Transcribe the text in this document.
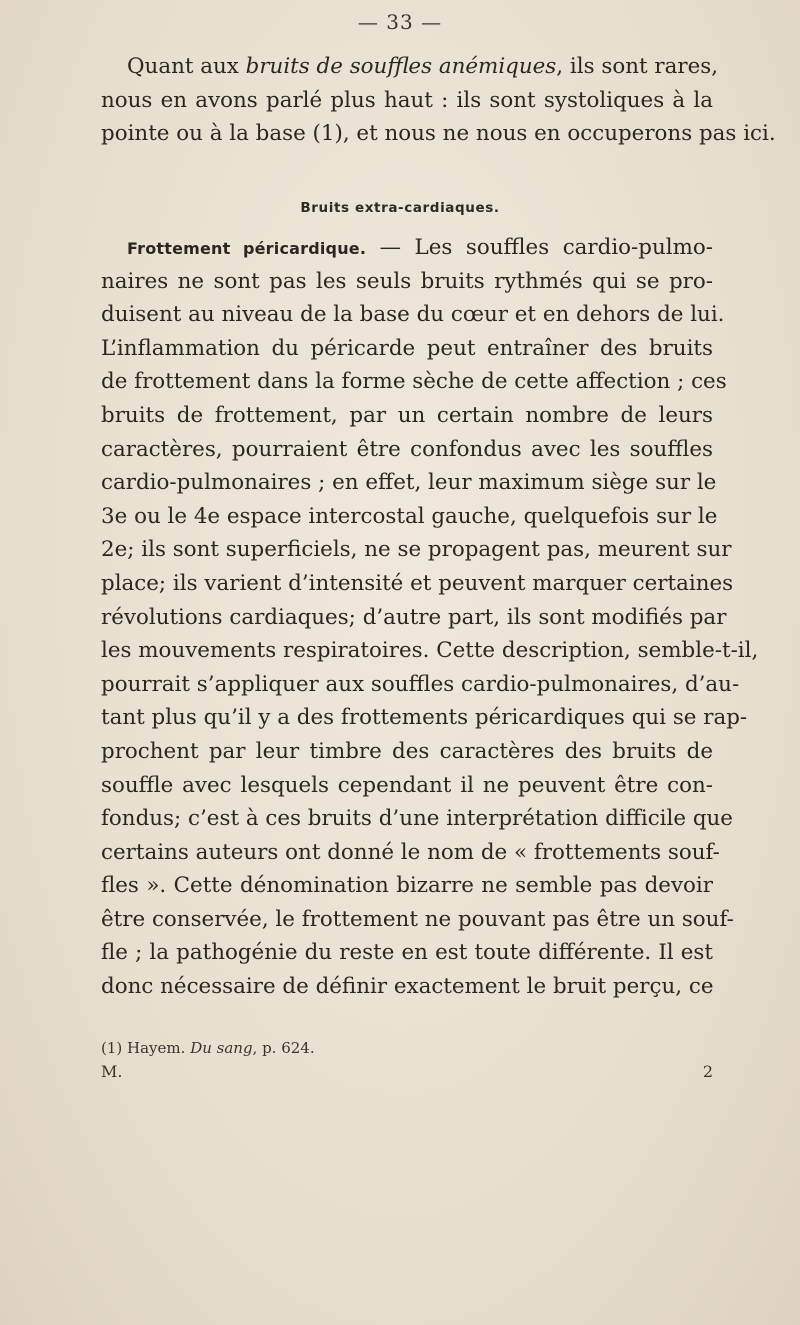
— 33 —
Quant aux bruits de souffles anémiques, ils sont rares,
nous en avons parlé plus haut : ils sont systoliques à la
pointe ou à la base (1), et nous ne nous en occuperons pas ici.
Bruits extra-cardiaques.
Frottement péricardique. — Les souffles cardio-pulmo-
naires ne sont pas les seuls bruits rythmés qui se pro-
duisent au niveau de la base du cœur et en dehors de lui.
L’inflammation du péricarde peut entraîner des bruits
de frottement dans la forme sèche de cette affection ; ces
bruits de frottement, par un certain nombre de leurs
caractères, pourraient être confondus avec les souffles
cardio-pulmonaires ; en effet, leur maximum siège sur le
3e ou le 4e espace intercostal gauche, quelquefois sur le
2e; ils sont superficiels, ne se propagent pas, meurent sur
place; ils varient d’intensité et peuvent marquer certaines
révolutions cardiaques; d’autre part, ils sont modifiés par
les mouvements respiratoires. Cette description, semble-t-il,
pourrait s’appliquer aux souffles cardio-pulmonaires, d’au-
tant plus qu’il y a des frottements péricardiques qui se rap-
prochent par leur timbre des caractères des bruits de
souffle avec lesquels cependant il ne peuvent être con-
fondus; c’est à ces bruits d’une interprétation difficile que
certains auteurs ont donné le nom de « frottements souf-
fles ». Cette dénomination bizarre ne semble pas devoir
être conservée, le frottement ne pouvant pas être un souf-
fle ; la pathogénie du reste en est toute différente. Il est
donc nécessaire de définir exactement le bruit perçu, ce
(1) Hayem. Du sang, p. 624.
M.	2
